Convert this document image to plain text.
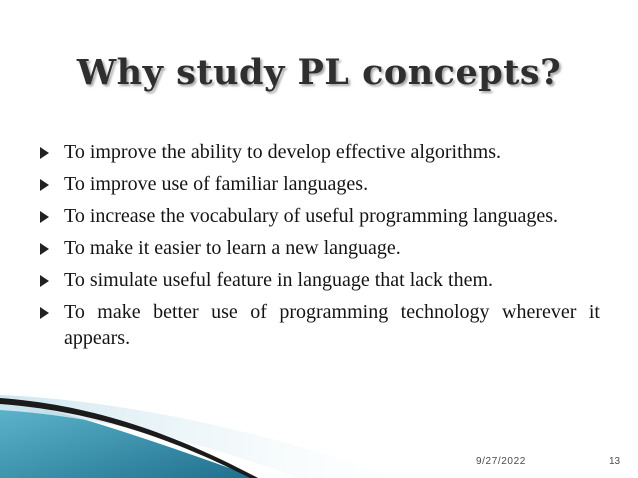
Why study PL concepts?
To improve the ability to develop effective algorithms.
To improve use of familiar languages.
To increase the vocabulary of useful programming languages.
To make it easier to learn a new language.
To simulate useful feature in language that lack them.
To make better use of programming technology wherever it appears.
9/27/2022	13
